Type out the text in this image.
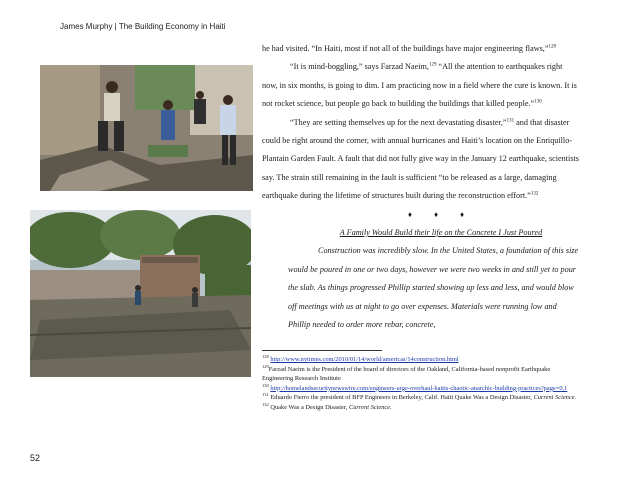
James Murphy | The Building Economy in Haiti

he had visited. “In Haiti, most if not all of the buildings have major engineering flaws,”$^{128}$

“It is mind-boggling,” says Farzad Naeim,$^{129}$ “All the attention to earthquakes right now, in six months, is going to dim. I am practicing now in a field where the cure is known. It is not rocket science, but people go back to building the buildings that killed people.”$^{130}$

“They are setting themselves up for the next devastating disaster,”$^{131}$ and that disaster could be right around the corner, with annual hurricanes and Haiti’s location on the Enriquillo-Plantain Garden Fault. A fault that did not fully give way in the January 12 earthquake, scientists say. The strain still remaining in the fault is sufficient “to be released as a large, damaging earthquake during the lifetime of structures built during the reconstruction effort.”$^{132}$

♦ ♦ ♦

A Family Would Build their life on the Concrete I Just Poured

Construction was incredibly slow. In the United States, a foundation of this size would be poured in one or two days, however we were two weeks in and still yet to pour the slab. As things progressed Phillip started showing up less and less, and would blow off meetings with us at night to go over expenses. Materials were running low and Phillip needed to order more rebar, concrete,

$^{128}$ http://www.nytimes.com/2010/01/14/world/americas/14construction.html

$^{129}$Farzad Naeim is the President of the board of directors of the Oakland, California-based nonprofit Earthquake Engineering Research Institute

$^{130}$ http://homelandsecuritynewswire.com/engineers-urge-overhaul-haitis-chaotic-anarchic-building-practices?page=0,1

$^{131}$ Eduardo Fierro the president of BFP Engineers in Berkeley, Calif. Haiti Quake Was a Design Disaster, Current Science.

$^{132}$ Quake Was a Design Disaster, Current Science.

52
